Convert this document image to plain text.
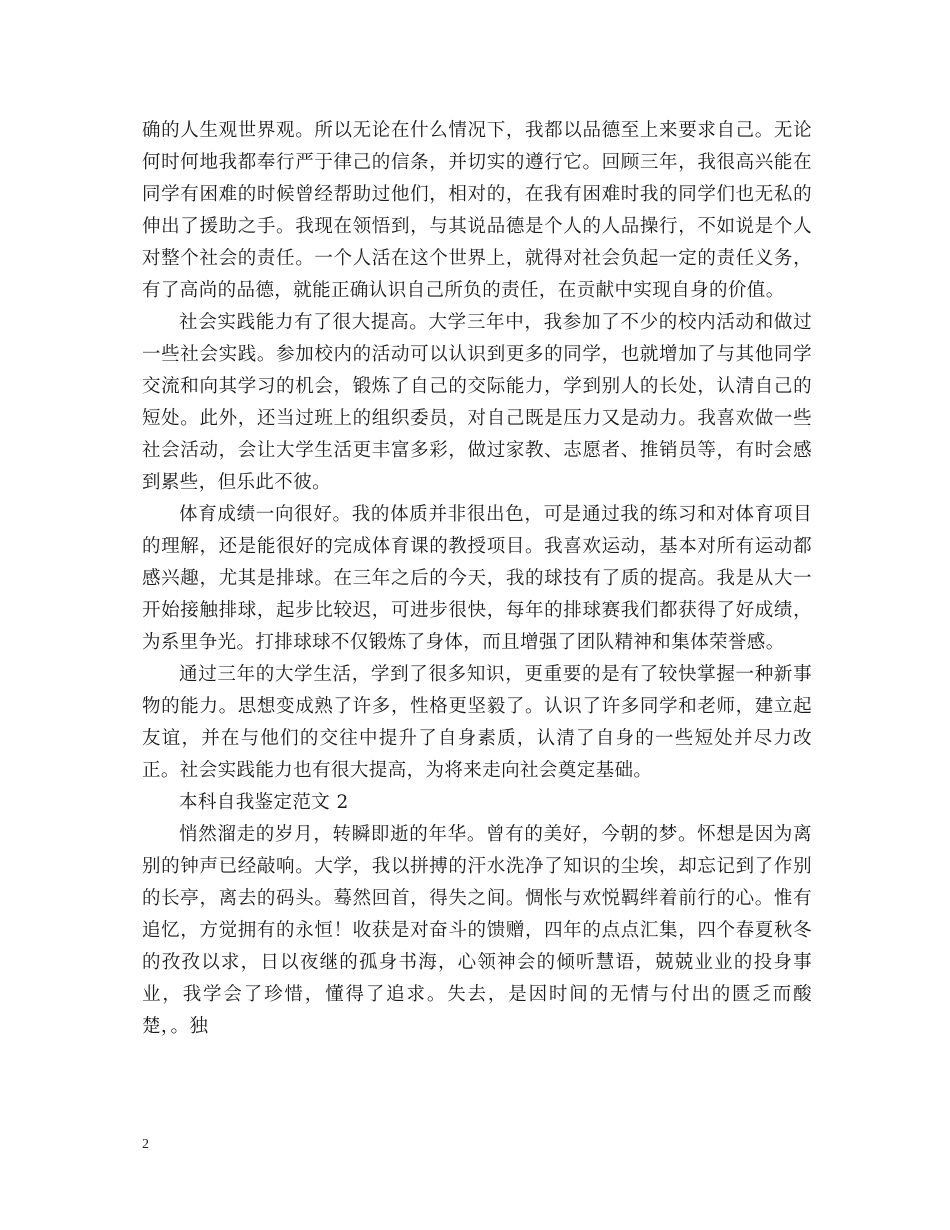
确的人生观世界观。所以无论在什么情况下，我都以品德至上来要求自己。无论何时何地我都奉行严于律己的信条，并切实的遵行它。回顾三年，我很高兴能在同学有困难的时候曾经帮助过他们，相对的，在我有困难时我的同学们也无私的伸出了援助之手。我现在领悟到，与其说品德是个人的人品操行，不如说是个人对整个社会的责任。一个人活在这个世界上，就得对社会负起一定的责任义务，有了高尚的品德，就能正确认识自己所负的责任，在贡献中实现自身的价值。

社会实践能力有了很大提高。大学三年中，我参加了不少的校内活动和做过一些社会实践。参加校内的活动可以认识到更多的同学，也就增加了与其他同学交流和向其学习的机会，锻炼了自己的交际能力，学到别人的长处，认清自己的短处。此外，还当过班上的组织委员，对自己既是压力又是动力。我喜欢做一些社会活动，会让大学生活更丰富多彩，做过家教、志愿者、推销员等，有时会感到累些，但乐此不彼。

体育成绩一向很好。我的体质并非很出色，可是通过我的练习和对体育项目的理解，还是能很好的完成体育课的教授项目。我喜欢运动，基本对所有运动都感兴趣，尤其是排球。在三年之后的今天，我的球技有了质的提高。我是从大一开始接触排球，起步比较迟，可进步很快，每年的排球赛我们都获得了好成绩，为系里争光。打排球球不仅锻炼了身体，而且增强了团队精神和集体荣誉感。

通过三年的大学生活，学到了很多知识，更重要的是有了较快掌握一种新事物的能力。思想变成熟了许多，性格更坚毅了。认识了许多同学和老师，建立起友谊，并在与他们的交往中提升了自身素质，认清了自身的一些短处并尽力改正。社会实践能力也有很大提高，为将来走向社会奠定基础。

本科自我鉴定范文 2

悄然溜走的岁月，转瞬即逝的年华。曾有的美好，今朝的梦。怀想是因为离别的钟声已经敲响。大学，我以拼搏的汗水洗净了知识的尘埃，却忘记到了作别的长亭，离去的码头。蓦然回首，得失之间。惆怅与欢悦羁绊着前行的心。惟有追忆，方觉拥有的永恒！收获是对奋斗的馈赠，四年的点点汇集，四个春夏秋冬的孜孜以求，日以夜继的孤身书海，心领神会的倾听慧语，兢兢业业的投身事业，我学会了珍惜，懂得了追求。失去，是因时间的无情与付出的匮乏而酸楚，。独

2
